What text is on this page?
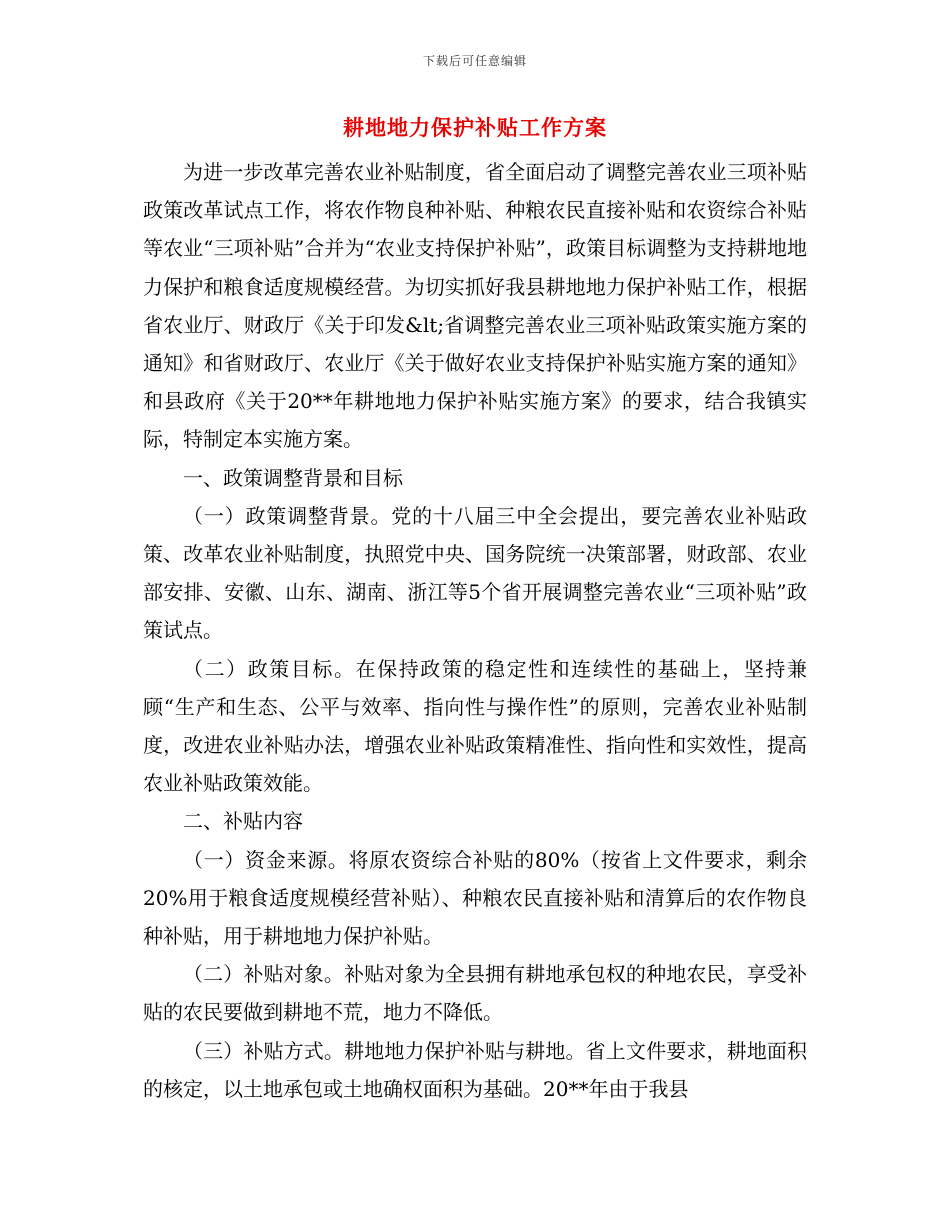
下载后可任意编辑
耕地地力保护补贴工作方案

为进一步改革完善农业补贴制度，省全面启动了调整完善农业三项补贴政策改革试点工作，将农作物良种补贴、种粮农民直接补贴和农资综合补贴等农业“三项补贴”合并为“农业支持保护补贴”，政策目标调整为支持耕地地力保护和粮食适度规模经营。为切实抓好我县耕地地力保护补贴工作，根据省农业厅、财政厅《关于印发&lt;省调整完善农业三项补贴政策实施方案的通知》和省财政厅、农业厅《关于做好农业支持保护补贴实施方案的通知》和县政府《关于20**年耕地地力保护补贴实施方案》的要求，结合我镇实际，特制定本实施方案。

一、政策调整背景和目标

（一）政策调整背景。党的十八届三中全会提出，要完善农业补贴政策、改革农业补贴制度，执照党中央、国务院统一决策部署，财政部、农业部安排、安徽、山东、湖南、浙江等5个省开展调整完善农业“三项补贴”政策试点。

（二）政策目标。在保持政策的稳定性和连续性的基础上，坚持兼顾“生产和生态、公平与效率、指向性与操作性”的原则，完善农业补贴制度，改进农业补贴办法，增强农业补贴政策精准性、指向性和实效性，提高农业补贴政策效能。

二、补贴内容

（一）资金来源。将原农资综合补贴的80%（按省上文件要求，剩余20%用于粮食适度规模经营补贴）、种粮农民直接补贴和清算后的农作物良种补贴，用于耕地地力保护补贴。

（二）补贴对象。补贴对象为全县拥有耕地承包权的种地农民，享受补贴的农民要做到耕地不荒，地力不降低。

（三）补贴方式。耕地地力保护补贴与耕地。省上文件要求，耕地面积的核定，以土地承包或土地确权面积为基础。20**年由于我县
